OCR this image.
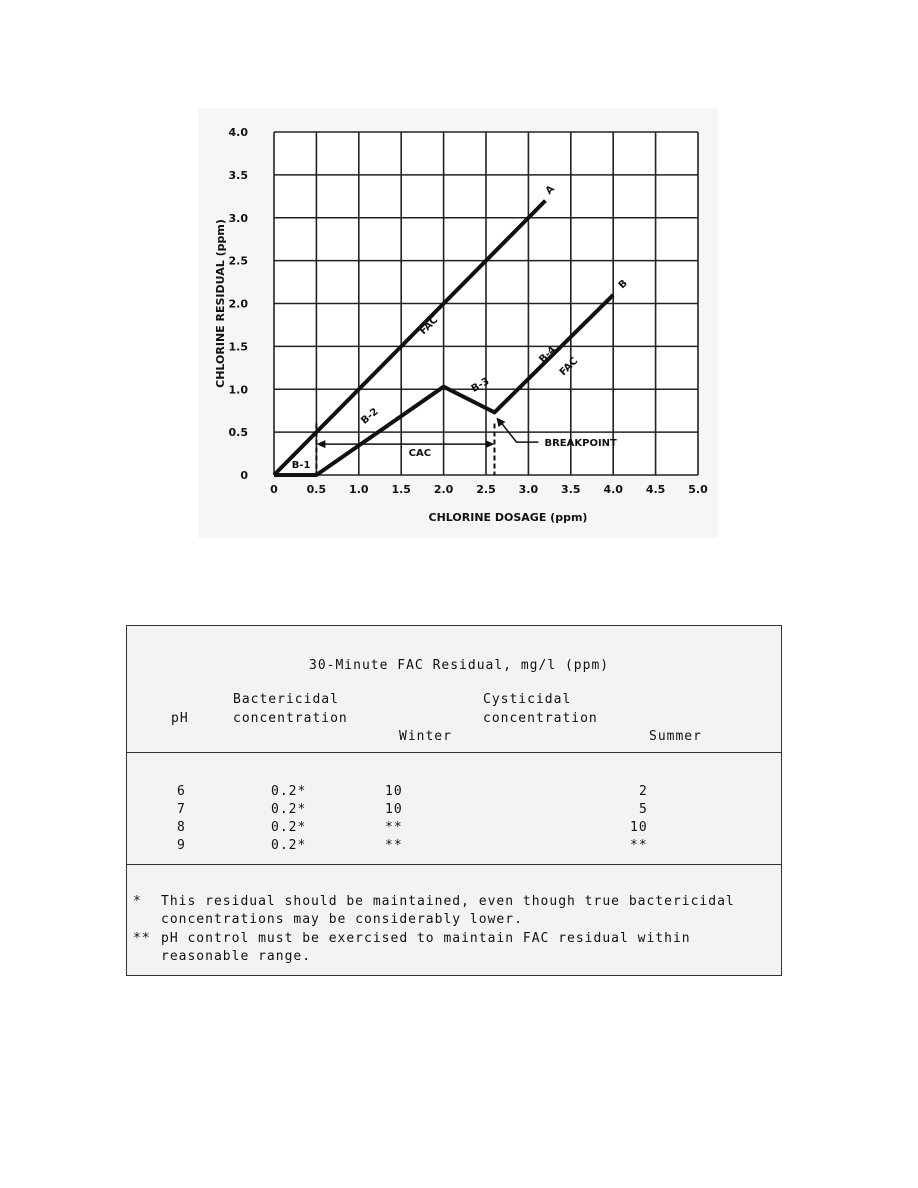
0	0.5 1.0 1.5 2.0 2.5 3.0 3.5 4.0 4.5 5.0
0
0.5
1.0
1.5
2.0
2.5
3.0
3.5
4.0
CHLORINE DOSAGE (ppm)
CHLORINE RESIDUAL (ppm)
A
B
FAC
FAC
B-1
B-2
B-3
B-4
CAC
BREAKPOINT
30-Minute FAC Residual, mg/l (ppm)
Bactericidal
concentration
pH
Cysticidal
concentration
Winter	Summer
6	0.2*	10	2
7	0.2*	10	5
8	0.2*	**	10
9	0.2*	**	**
* This residual should be maintained, even though true bactericidal
concentrations may be considerably lower.
** pH control must be exercised to maintain FAC residual within
reasonable range.
